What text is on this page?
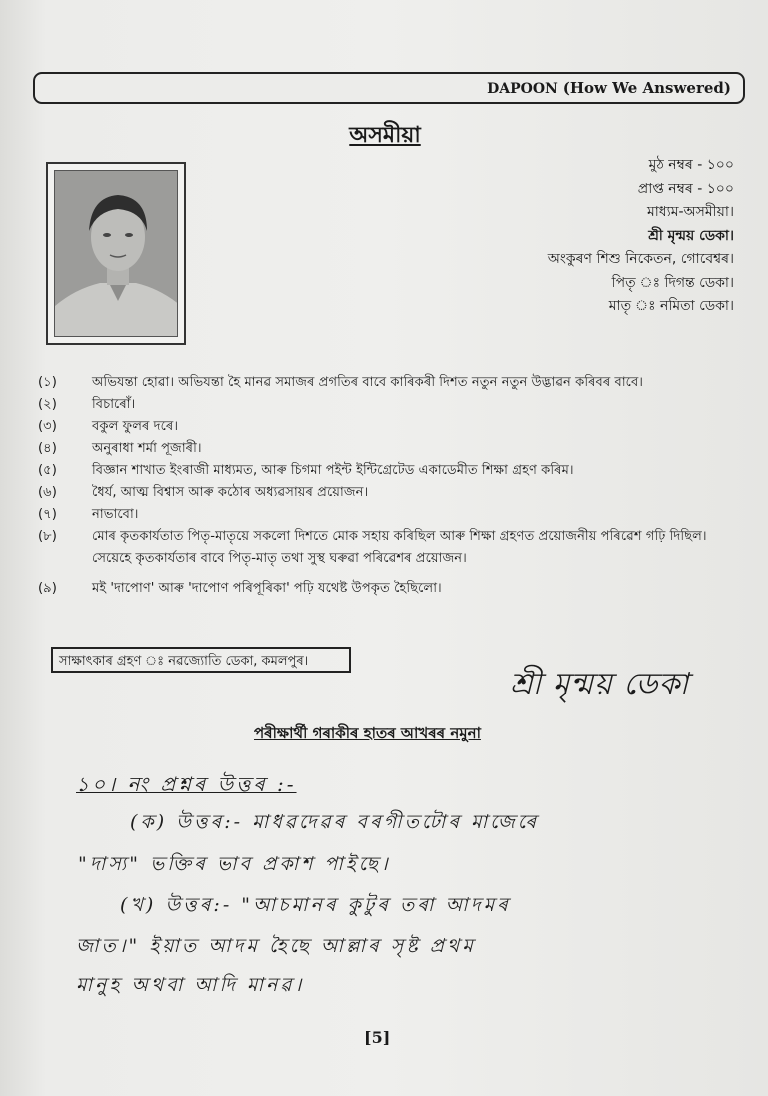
DAPOON (How We Answered)
অসমীয়া
মুঠ নম্বৰ - ১০০
প্ৰাপ্ত নম্বৰ - ১০০
মাধ্যম-অসমীয়া।
শ্ৰী মৃন্ময় ডেকা।
অংকুৰণ শিশু নিকেতন, গোবেশ্বৰ।
পিতৃ ঃ দিগন্ত ডেকা।
মাতৃ ঃ নমিতা ডেকা।
(১)	অভিযন্তা হোৱা। অভিযন্তা হৈ মানৱ সমাজৰ প্ৰগতিৰ বাবে কাৰিকৰী দিশত নতুন নতুন উদ্ভাৱন কৰিবৰ বাবে।
(২)	বিচাৰোঁ।
(৩)	বকুল ফুলৰ দৰে।
(৪)	অনুৰাধা শৰ্মা পূজাৰী।
(৫)	বিজ্ঞান শাখাত ইংৰাজী মাধ্যমত, আৰু চিগমা পইন্ট ইন্টিগ্ৰেটেড একাডেমীত শিক্ষা গ্ৰহণ কৰিম।
(৬)	ধৈৰ্য, আত্ম বিশ্বাস আৰু কঠোৰ অধ্যৱসায়ৰ প্ৰয়োজন।
(৭)	নাভাবো।
(৮)	মোৰ কৃতকাৰ্যতাত পিতৃ-মাতৃয়ে সকলো দিশতে মোক সহায় কৰিছিল আৰু শিক্ষা গ্ৰহণত প্ৰয়োজনীয় পৰিৱেশ গঢ়ি দিছিল। সেয়েহে কৃতকাৰ্যতাৰ বাবে পিতৃ-মাতৃ তথা সুস্থ ঘৰুৱা পৰিৱেশৰ প্ৰয়োজন।
(৯)	মই 'দাপোণ' আৰু 'দাপোণ পৰিপূৰিকা' পঢ়ি যথেষ্ট উপকৃত হৈছিলো।
সাক্ষাৎকাৰ গ্ৰহণ ঃ নৱজ্যোতি ডেকা, কমলপুৰ।
শ্ৰী মৃন্ময় ডেকা
পৰীক্ষাৰ্থী গৰাকীৰ হাতৰ আখৰৰ নমুনা
১০। নং প্ৰশ্নৰ উত্তৰ :-
(ক) উত্তৰ:- মাধৱদেৱৰ বৰগীতটোৰ মাজেৰে
"দাস্য" ভক্তিৰ ভাব প্ৰকাশ পাইছে।
(খ) উত্তৰ:- "আচমানৰ কুটুৰ তৰা আদমৰ
জাত।" ইয়াত আদম হৈছে আল্লাৰ সৃষ্ট প্ৰথম
মানুহ অথবা আদি মানৱ।
[5]
